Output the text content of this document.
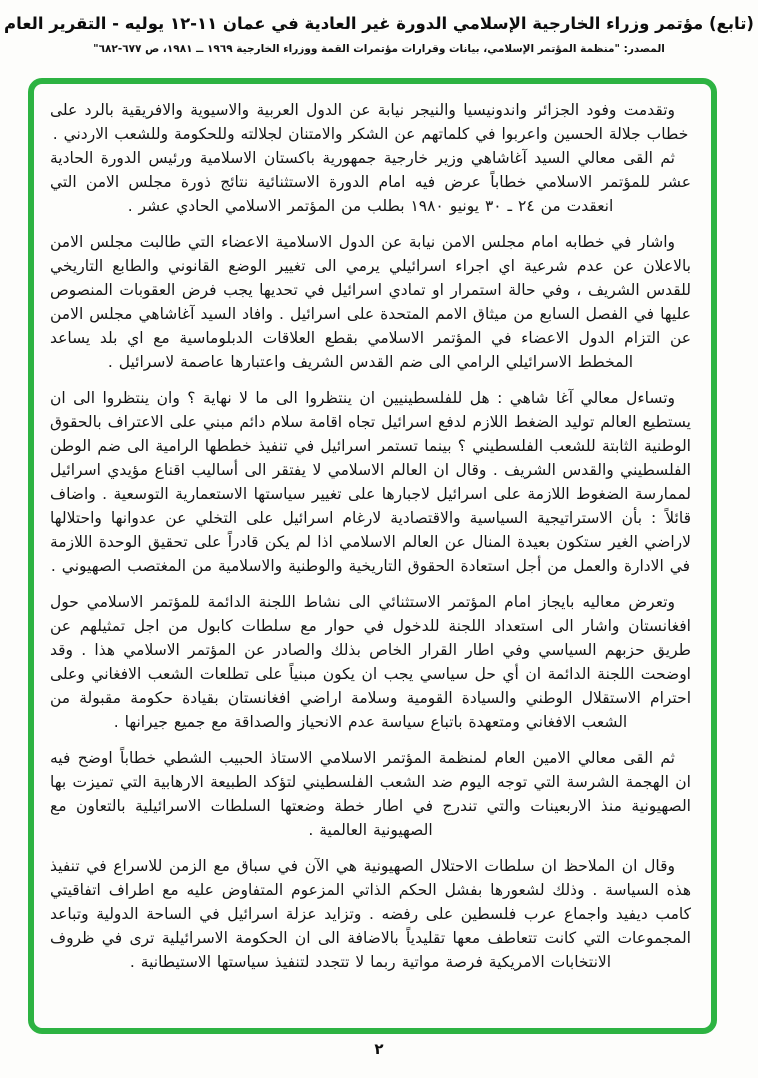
(تابع) مؤتمر وزراء الخارجية الإسلامي الدورة غير العادية في عمان ١١-١٢ يوليه - التقرير العام
المصدر: "منظمة المؤتمر الإسلامي، بيانات وقرارات مؤتمرات القمة ووزراء الخارجية ١٩٦٩ ــ ١٩٨١، ص ٦٧٧-٦٨٢"

وتقدمت وفود الجزائر واندونيسيا والنيجر نيابة عن الدول العربية والاسيوية والافريقية بالرد على خطاب جلالة الحسين واعربوا في كلماتهم عن الشكر والامتنان لجلالته وللحكومة وللشعب الاردني .

ثم القى معالي السيد آغاشاهي وزير خارجية جمهورية باكستان الاسلامية ورئيس الدورة الحادية عشر للمؤتمر الاسلامي خطاباً عرض فيه امام الدورة الاستثنائية نتائج ذورة مجلس الامن التي انعقدت من ٢٤ ـ ٣٠ يونيو ١٩٨٠ بطلب من المؤتمر الاسلامي الحادي عشر .

واشار في خطابه امام مجلس الامن نيابة عن الدول الاسلامية الاعضاء التي طالبت مجلس الامن بالاعلان عن عدم شرعية اي اجراء اسرائيلي يرمي الى تغيير الوضع القانوني والطابع التاريخي للقدس الشريف ، وفي حالة استمرار او تمادي اسرائيل في تحديها يجب فرض العقوبات المنصوص عليها في الفصل السابع من ميثاق الامم المتحدة على اسرائيل . وافاد السيد آغاشاهي مجلس الامن عن التزام الدول الاعضاء في المؤتمر الاسلامي بقطع العلاقات الدبلوماسية مع اي بلد يساعد المخطط الاسرائيلي الرامي الى ضم القدس الشريف واعتبارها عاصمة لاسرائيل .

وتساءل معالي آغا شاهي : هل للفلسطينيين ان ينتظروا الى ما لا نهاية ؟ وان ينتظروا الى ان يستطيع العالم توليد الضغط اللازم لدفع اسرائيل تجاه اقامة سلام دائم مبني على الاعتراف بالحقوق الوطنية الثابتة للشعب الفلسطيني ؟ بينما تستمر اسرائيل في تنفيذ خططها الرامية الى ضم الوطن الفلسطيني والقدس الشريف . وقال ان العالم الاسلامي لا يفتقر الى أساليب اقناع مؤيدي اسرائيل لممارسة الضغوط اللازمة على اسرائيل لاجبارها على تغيير سياستها الاستعمارية التوسعية . واضاف قائلاً : بأن الاستراتيجية السياسية والاقتصادية لارغام اسرائيل على التخلي عن عدوانها واحتلالها لاراضي الغير ستكون بعيدة المنال عن العالم الاسلامي اذا لم يكن قادراً على تحقيق الوحدة اللازمة في الادارة والعمل من أجل استعادة الحقوق التاريخية والوطنية والاسلامية من المغتصب الصهيوني .

وتعرض معاليه بايجاز امام المؤتمر الاستثنائي الى نشاط اللجنة الدائمة للمؤتمر الاسلامي حول افغانستان واشار الى استعداد اللجنة للدخول في حوار مع سلطات كابول من اجل تمثيلهم عن طريق حزبهم السياسي وفي اطار القرار الخاص بذلك والصادر عن المؤتمر الاسلامي هذا . وقد اوضحت اللجنة الدائمة ان أي حل سياسي يجب ان يكون مبنياً على تطلعات الشعب الافغاني وعلى احترام الاستقلال الوطني والسيادة القومية وسلامة اراضي افغانستان بقيادة حكومة مقبولة من الشعب الافغاني ومتعهدة باتباع سياسة عدم الانحياز والصداقة مع جميع جيرانها .

ثم القى معالي الامين العام لمنظمة المؤتمر الاسلامي الاستاذ الحبيب الشطي خطاباً اوضح فيه ان الهجمة الشرسة التي توجه اليوم ضد الشعب الفلسطيني لتؤكد الطبيعة الارهابية التي تميزت بها الصهيونية منذ الاربعينات والتي تندرج في اطار خطة وضعتها السلطات الاسرائيلية بالتعاون مع الصهيونية العالمية .

وقال ان الملاحظ ان سلطات الاحتلال الصهيونية هي الآن في سباق مع الزمن للاسراع في تنفيذ هذه السياسة . وذلك لشعورها بفشل الحكم الذاتي المزعوم المتفاوض عليه مع اطراف اتفاقيتي كامب ديفيد واجماع عرب فلسطين على رفضه . وتزايد عزلة اسرائيل في الساحة الدولية وتباعد المجموعات التي كانت تتعاطف معها تقليدياً بالاضافة الى ان الحكومة الاسرائيلية ترى في ظروف الانتخابات الامريكية فرصة مواتية ربما لا تتجدد لتنفيذ سياستها الاستيطانية .

٢
